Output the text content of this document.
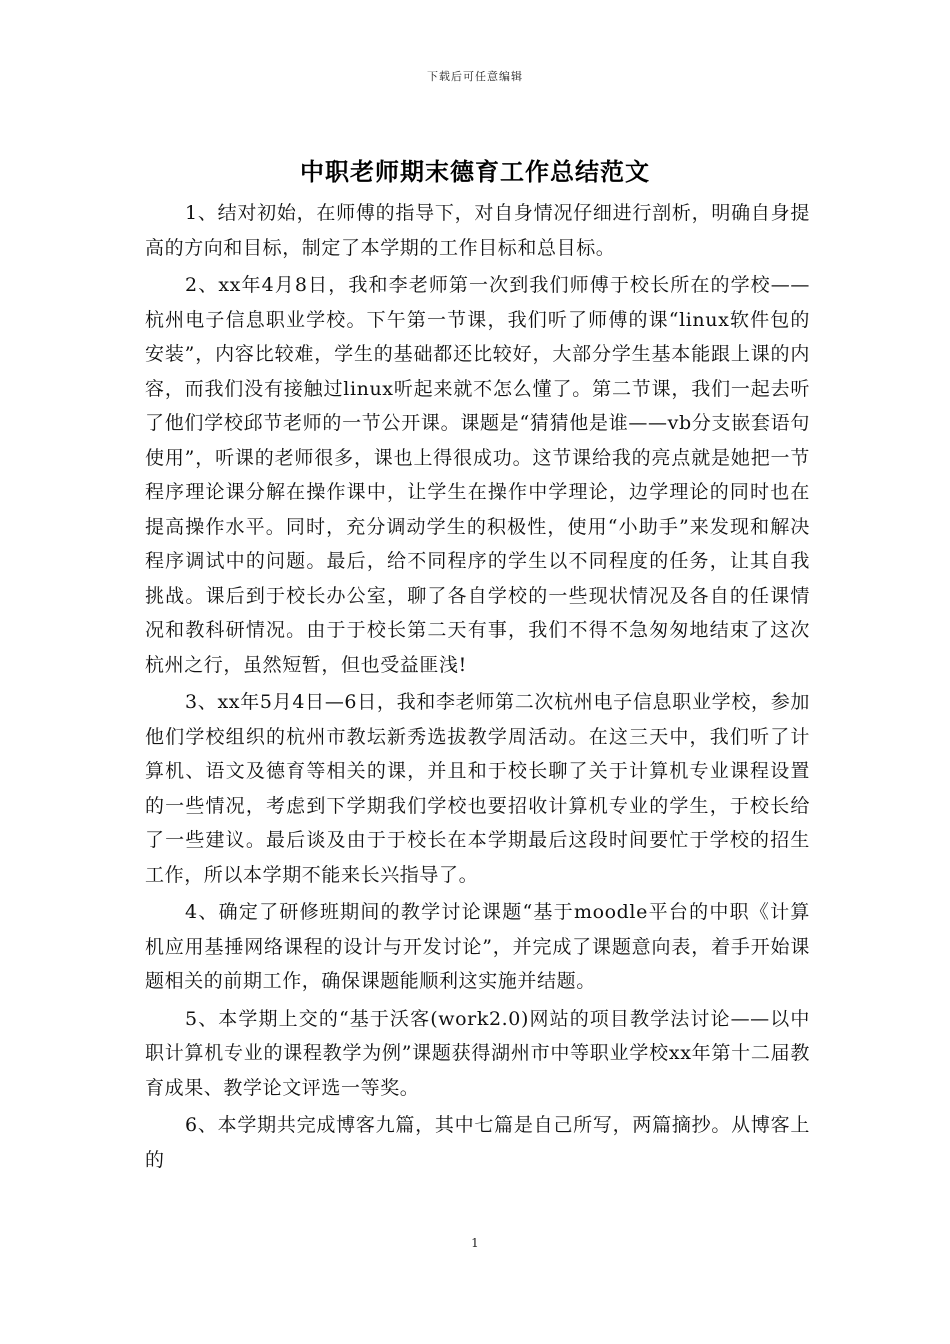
下载后可任意编辑
中职老师期末德育工作总结范文

1、结对初始，在师傅的指导下，对自身情况仔细进行剖析，明确自身提高的方向和目标，制定了本学期的工作目标和总目标。

2、xx年4月8日，我和李老师第一次到我们师傅于校长所在的学校——杭州电子信息职业学校。下午第一节课，我们听了师傅的课“linux软件包的安装”，内容比较难，学生的基础都还比较好，大部分学生基本能跟上课的内容，而我们没有接触过linux听起来就不怎么懂了。第二节课，我们一起去听了他们学校邱节老师的一节公开课。课题是“猜猜他是谁——vb分支嵌套语句使用”，听课的老师很多，课也上得很成功。这节课给我的亮点就是她把一节程序理论课分解在操作课中，让学生在操作中学理论，边学理论的同时也在提高操作水平。同时，充分调动学生的积极性，使用“小助手”来发现和解决程序调试中的问题。最后，给不同程序的学生以不同程度的任务，让其自我挑战。课后到于校长办公室，聊了各自学校的一些现状情况及各自的任课情况和教科研情况。由于于校长第二天有事，我们不得不急匆匆地结束了这次杭州之行，虽然短暂，但也受益匪浅!

3、xx年5月4日—6日，我和李老师第二次杭州电子信息职业学校，参加他们学校组织的杭州市教坛新秀选拔教学周活动。在这三天中，我们听了计算机、语文及德育等相关的课，并且和于校长聊了关于计算机专业课程设置的一些情况，考虑到下学期我们学校也要招收计算机专业的学生，于校长给了一些建议。最后谈及由于于校长在本学期最后这段时间要忙于学校的招生工作，所以本学期不能来长兴指导了。

4、确定了研修班期间的教学讨论课题“基于moodle平台的中职《计算机应用基捶网络课程的设计与开发讨论”，并完成了课题意向表，着手开始课题相关的前期工作，确保课题能顺利这实施并结题。

5、本学期上交的“基于沃客(work2.0)网站的项目教学法讨论——以中职计算机专业的课程教学为例”课题获得湖州市中等职业学校xx年第十二届教育成果、教学论文评选一等奖。

6、本学期共完成博客九篇，其中七篇是自己所写，两篇摘抄。从博客上的

1
